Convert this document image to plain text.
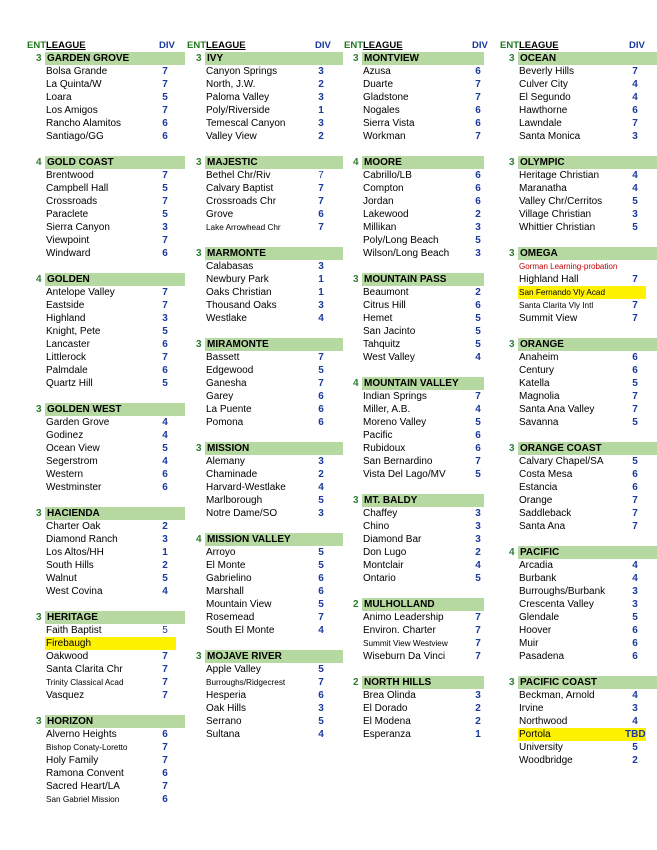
ENT LEAGUE	DIV
3 GARDEN GROVE
Bolsa Grande	7
La Quinta/W	7
Loara	5
Los Amigos	7
Rancho Alamitos	6
Santiago/GG	6
4 GOLD COAST
Brentwood	7
Campbell Hall	5
Crossroads	7
Paraclete	5
Sierra Canyon	3
Viewpoint	7
Windward	6
4 GOLDEN
Antelope Valley	7
Eastside	7
Highland	3
Knight, Pete	5
Lancaster	6
Littlerock	7
Palmdale	6
Quartz Hill	5
3 GOLDEN WEST
Garden Grove	4
Godinez	4
Ocean View	5
Segerstrom	4
Western	6
Westminster	6
3 HACIENDA
Charter Oak	2
Diamond Ranch	3
Los Altos/HH	1
South Hills	2
Walnut	5
West Covina	4
3 HERITAGE
Faith Baptist	5
Firebaugh
Oakwood	7
Santa Clarita Chr	7
Trinity Classical Acad	7
Vasquez	7
3 HORIZON
Alverno Heights	6
Bishop Conaty-Loretto	7
Holy Family	7
Ramona Convent	6
Sacred Heart/LA	7
San Gabriel Mission	6
ENT LEAGUE	DIV
3 IVY
Canyon Springs	3
North, J.W.	2
Paloma Valley	3
Poly/Riverside	1
Temescal Canyon	3
Valley View	2
3 MAJESTIC
Bethel Chr/Riv	7
Calvary Baptist	7
Crossroads Chr	7
Grove	6
Lake Arrowhead Chr	7
3 MARMONTE
Calabasas	3
Newbury Park	1
Oaks Christian	1
Thousand Oaks	3
Westlake	4
3 MIRAMONTE
Bassett	7
Edgewood	5
Ganesha	7
Garey	6
La Puente	6
Pomona	6
3 MISSION
Alemany	3
Chaminade	2
Harvard-Westlake	4
Marlborough	5
Notre Dame/SO	3
4 MISSION VALLEY
Arroyo	5
El Monte	5
Gabrielino	6
Marshall	6
Mountain View	5
Rosemead	7
South El Monte	4
3 MOJAVE RIVER
Apple Valley	5
Burroughs/Ridgecrest	7
Hesperia	6
Oak Hills	3
Serrano	5
Sultana	4
ENT LEAGUE	DIV
3 MONTVIEW
Azusa	6
Duarte	7
Gladstone	7
Nogales	6
Sierra Vista	6
Workman	7
4 MOORE
Cabrillo/LB	6
Compton	6
Jordan	6
Lakewood	2
Millikan	3
Poly/Long Beach	5
Wilson/Long Beach	3
3 MOUNTAIN PASS
Beaumont	2
Citrus Hill	6
Hemet	5
San Jacinto	5
Tahquitz	5
West Valley	4
4 MOUNTAIN VALLEY
Indian Springs	7
Miller, A.B.	4
Moreno Valley	5
Pacific	6
Rubidoux	6
San Bernardino	7
Vista Del Lago/MV	5
3 MT. BALDY
Chaffey	3
Chino	3
Diamond Bar	3
Don Lugo	2
Montclair	4
Ontario	5
2 MULHOLLAND
Animo Leadership	7
Environ. Charter	7
Summit View Westview	7
Wiseburn Da Vinci	7
2 NORTH HILLS
Brea Olinda	3
El Dorado	2
El Modena	2
Esperanza	1
ENT LEAGUE	DIV
3 OCEAN
Beverly Hills	7
Culver City	4
El Segundo	4
Hawthorne	6
Lawndale	7
Santa Monica	3
3 OLYMPIC
Heritage Christian	4
Maranatha	4
Valley Chr/Cerritos	5
Village Christian	3
Whittier Christian	5
3 OMEGA
Gorman Learning-probation
Highland Hall	7
San Fernando Vly Acad
Santa Clarita Vly Intl	7
Summit View	7
3 ORANGE
Anaheim	6
Century	6
Katella	5
Magnolia	7
Santa Ana Valley	7
Savanna	5
3 ORANGE COAST
Calvary Chapel/SA	5
Costa Mesa	6
Estancia	6
Orange	7
Saddleback	7
Santa Ana	7
4 PACIFIC
Arcadia	4
Burbank	4
Burroughs/Burbank	3
Crescenta Valley	3
Glendale	5
Hoover	6
Muir	6
Pasadena	6
3 PACIFIC COAST
Beckman, Arnold	4
Irvine	3
Northwood	4
Portola	TBD
University	5
Woodbridge	2
